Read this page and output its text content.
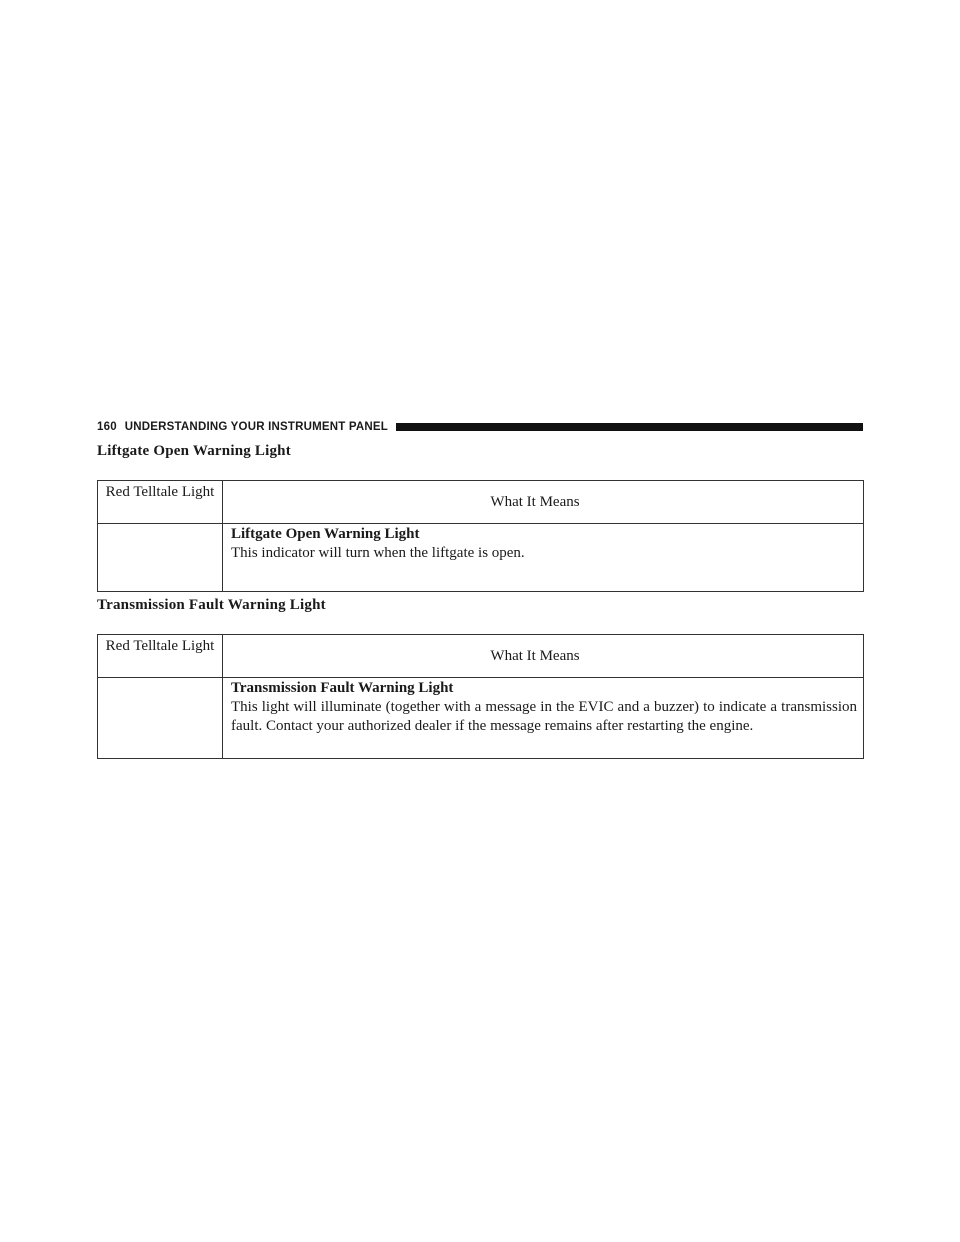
160 UNDERSTANDING YOUR INSTRUMENT PANEL
Liftgate Open Warning Light
Red Telltale Light	What It Means

	Liftgate Open Warning Light
This indicator will turn when the liftgate is open.
Transmission Fault Warning Light
Red Telltale Light	What It Means

	Transmission Fault Warning Light
This light will illuminate (together with a message in the EVIC and a buzzer) to indicate a transmission fault. Contact your authorized dealer if the message remains after restarting the engine.
